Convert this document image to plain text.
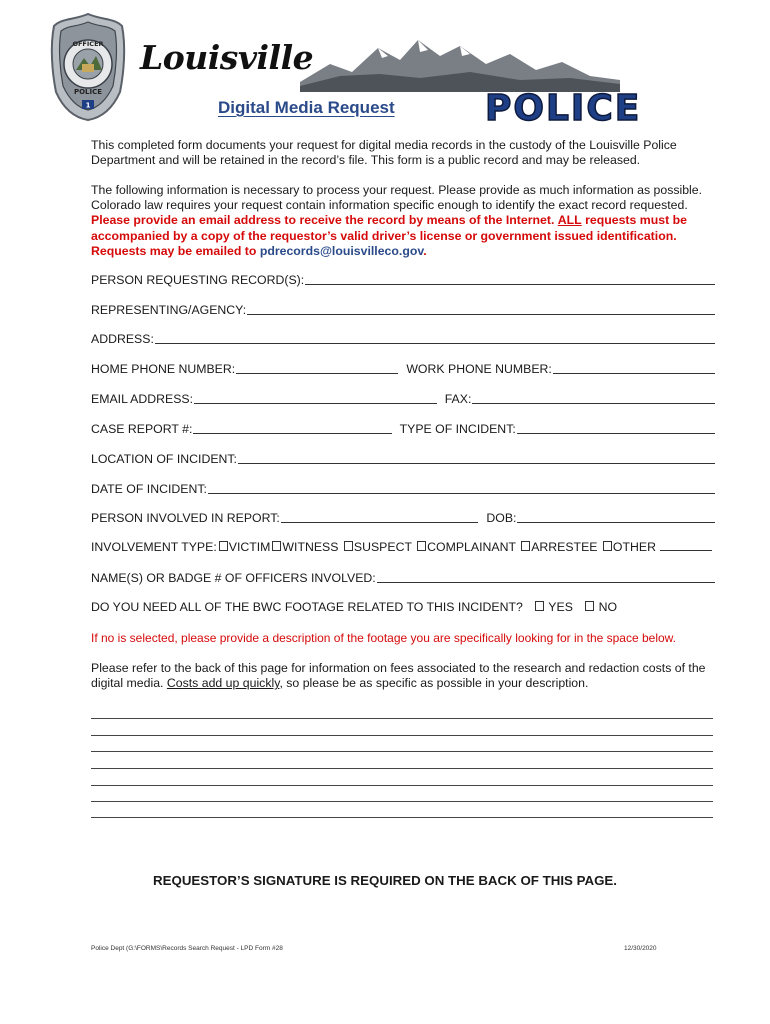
OFFICER
POLICE
1
Louisville
POLICE
Digital Media Request
This completed form documents your request for digital media records in the custody of the Louisville Police Department and will be retained in the record’s file. This form is a public record and may be released.
The following information is necessary to process your request. Please provide as much information as possible. Colorado law requires your request contain information specific enough to identify the exact record requested. Please provide an email address to receive the record by means of the Internet. ALL requests must be accompanied by a copy of the requestor’s valid driver’s license or government issued identification. Requests may be emailed to pdrecords@louisvilleco.gov.
PERSON REQUESTING RECORD(S):
REPRESENTING/AGENCY:
ADDRESS:
HOME PHONE NUMBER:	WORK PHONE NUMBER:
EMAIL ADDRESS:	FAX:
CASE REPORT #:	TYPE OF INCIDENT:
LOCATION OF INCIDENT:
DATE OF INCIDENT:
PERSON INVOLVED IN REPORT:	DOB:
INVOLVEMENT TYPE: VICTIM WITNESS SUSPECT COMPLAINANT ARRESTEE OTHER
NAME(S) OR BADGE # OF OFFICERS INVOLVED:
DO YOU NEED ALL OF THE BWC FOOTAGE RELATED TO THIS INCIDENT? YES NO
If no is selected, please provide a description of the footage you are specifically looking for in the space below.
Please refer to the back of this page for information on fees associated to the research and redaction costs of the digital media. Costs add up quickly, so please be as specific as possible in your description.
REQUESTOR’S SIGNATURE IS REQUIRED ON THE BACK OF THIS PAGE.
Police Dept (G:\FORMS\Records Search Request - LPD Form #28	12/30/2020
